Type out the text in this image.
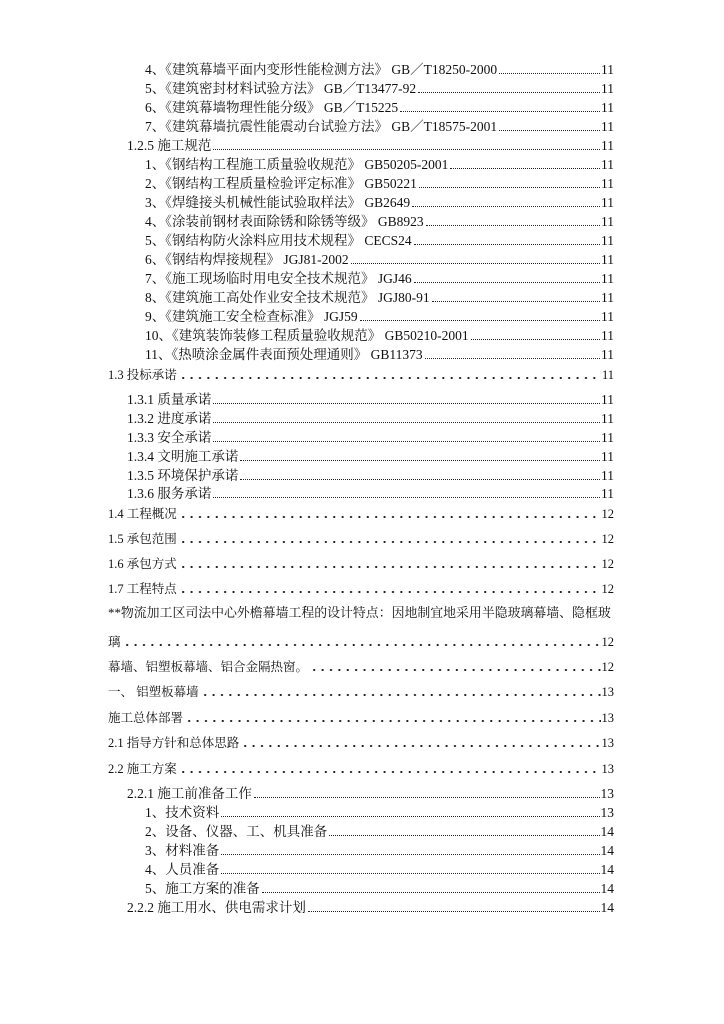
4、《建筑幕墙平面内变形性能检测方法》 GB／T18250-2000	11
5、《建筑密封材料试验方法》 GB／T13477-92	11
6、《建筑幕墙物理性能分级》 GB／T15225	11
7、《建筑幕墙抗震性能震动台试验方法》 GB／T18575-2001	11
1.2.5 施工规范	11
1、《钢结构工程施工质量验收规范》 GB50205-2001	11
2、《钢结构工程质量检验评定标准》 GB50221	11
3、《焊缝接头机械性能试验取样法》 GB2649	11
4、《涂装前钢材表面除锈和除锈等级》 GB8923	11
5、《钢结构防火涂料应用技术规程》 CECS24	11
6、《钢结构焊接规程》 JGJ81-2002	11
7、《施工现场临时用电安全技术规范》 JGJ46	11
8、《建筑施工高处作业安全技术规范》 JGJ80-91	11
9、《建筑施工安全检查标准》 JGJ59	11
10、《建筑装饰装修工程质量验收规范》 GB50210-2001	11
11、《热喷涂金属件表面预处理通则》 GB11373	11
1.3 投标承诺	11
1.3.1 质量承诺	11
1.3.2 进度承诺	11
1.3.3 安全承诺	11
1.3.4 文明施工承诺	11
1.3.5 环境保护承诺	11
1.3.6 服务承诺	11
1.4 工程概况	12
1.5 承包范围	12
1.6 承包方式	12
1.7 工程特点	12
**物流加工区司法中心外檐幕墙工程的设计特点：因地制宜地采用半隐玻璃幕墙、隐框玻
璃	12
幕墙、铝塑板幕墙、铝合金隔热窗。	12
一、 铝塑板幕墙	13
施工总体部署	13
2.1 指导方针和总体思路	13
2.2 施工方案	13
2.2.1 施工前准备工作	13
1、技术资料	13
2、设备、仪器、工、机具准备	14
3、材料准备	14
4、人员准备	14
5、施工方案的准备	14
2.2.2 施工用水、供电需求计划	14
